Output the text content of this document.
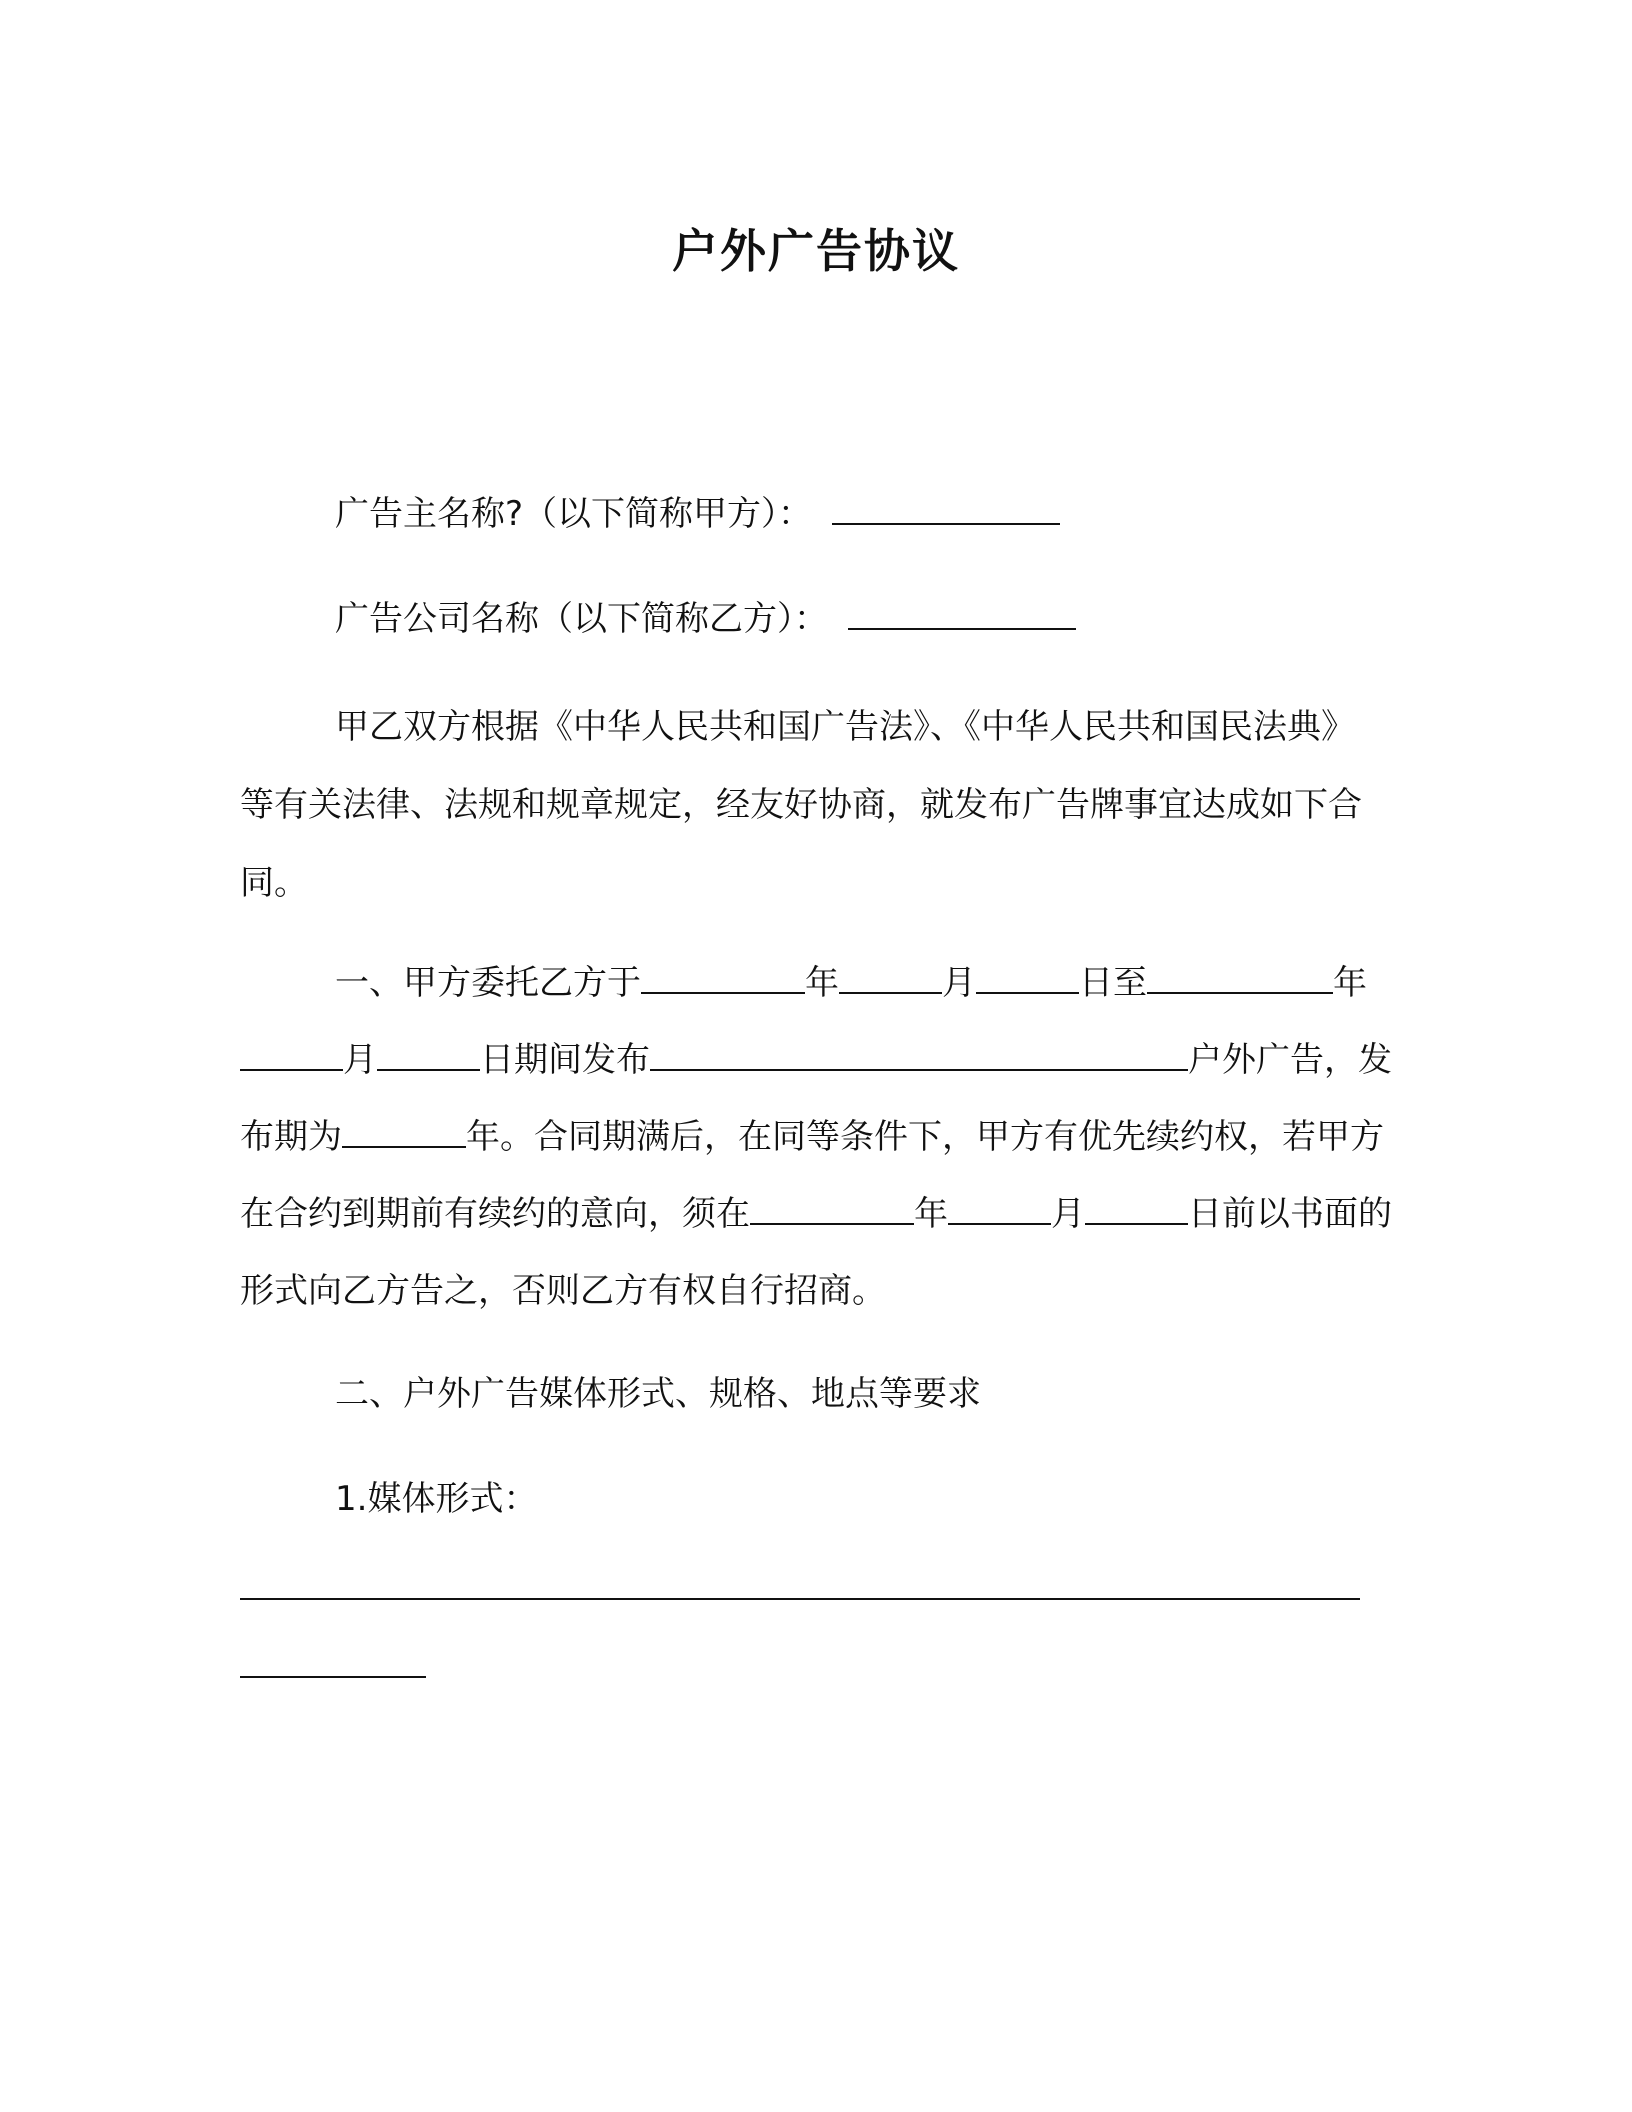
户外广告协议

广告主名称?（以下简称甲方）：

广告公司名称（以下简称乙方）：

甲乙双方根据《中华人民共和国广告法》、《中华人民共和国民法典》等有关法律、法规和规章规定，经友好协商，就发布广告牌事宜达成如下合同。

一、甲方委托乙方于	年	月	日至	年月	日期间发布	户外广告，发布期为	年。合同期满后，在同等条件下，甲方有优先续约权，若甲方在合约到期前有续约的意向，须在	年	月	日前以书面的形式向乙方告之，否则乙方有权自行招商。

二、户外广告媒体形式、规格、地点等要求

1.媒体形式：
